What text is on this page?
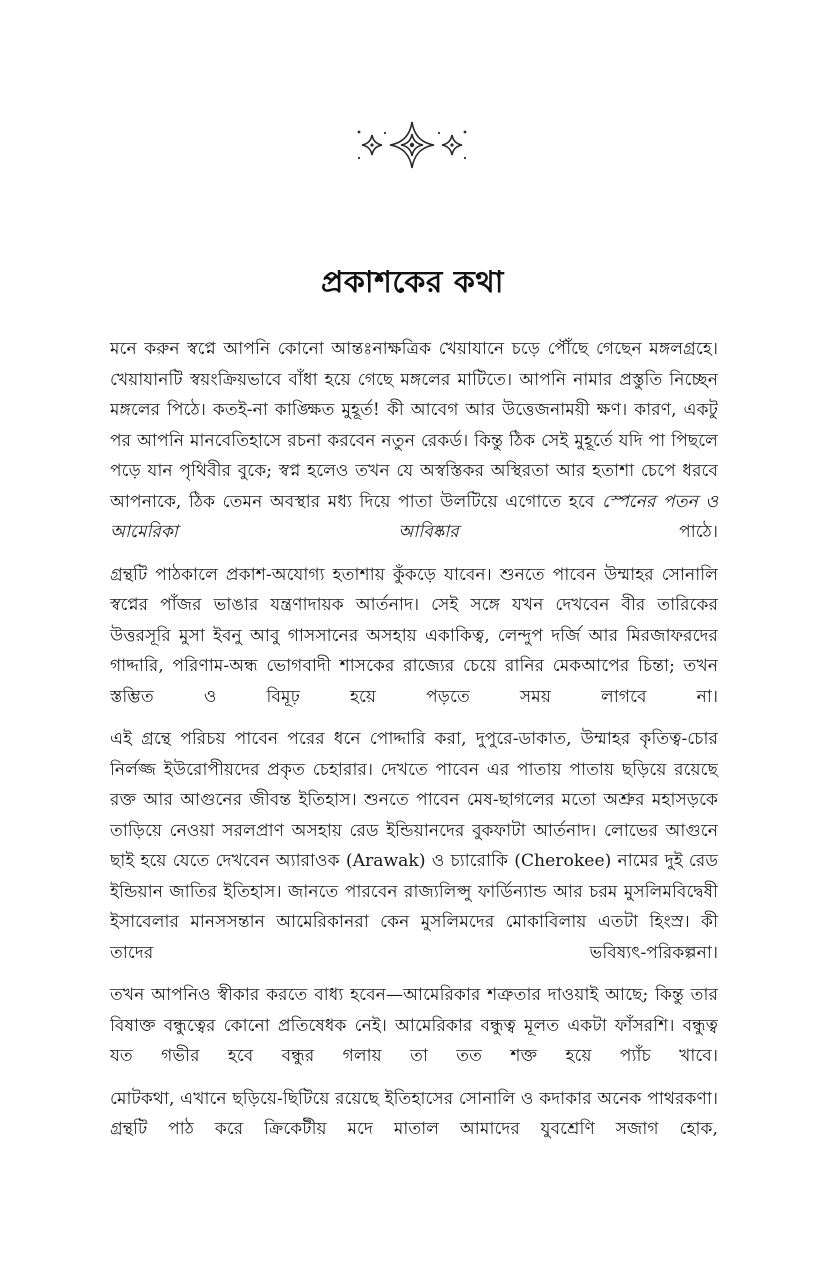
প্রকাশকের কথা

মনে করুন স্বপ্নে আপনি কোনো আন্তঃনাক্ষত্রিক খেয়াযানে চড়ে পৌঁছে গেছেন মঙ্গলগ্রহে। খেয়াযানটি স্বয়ংক্রিয়ভাবে বাঁধা হয়ে গেছে মঙ্গলের মাটিতে। আপনি নামার প্রস্তুতি নিচ্ছেন মঙ্গলের পিঠে। কতই-না কাঙ্ক্ষিত মুহূর্ত! কী আবেগ আর উত্তেজনাময়ী ক্ষণ। কারণ, একটু পর আপনি মানবেতিহাসে রচনা করবেন নতুন রেকর্ড। কিন্তু ঠিক সেই মুহূর্তে যদি পা পিছলে পড়ে যান পৃথিবীর বুকে; স্বপ্ন হলেও তখন যে অস্বস্তিকর অস্থিরতা আর হতাশা চেপে ধরবে আপনাকে, ঠিক তেমন অবস্থার মধ্য দিয়ে পাতা উলটিয়ে এগোতে হবে স্পেনের পতন ও আমেরিকা আবিষ্কার পাঠে।

গ্রন্থটি পাঠকালে প্রকাশ-অযোগ্য হতাশায় কুঁকড়ে যাবেন। শুনতে পাবেন উম্মাহর সোনালি স্বপ্নের পাঁজর ভাঙার যন্ত্রণাদায়ক আর্তনাদ। সেই সঙ্গে যখন দেখবেন বীর তারিকের উত্তরসূরি মুসা ইবনু আবু গাসসানের অসহায় একাকিত্ব, লেন্দুপ দর্জি আর মিরজাফরদের গাদ্দারি, পরিণাম-অন্ধ ভোগবাদী শাসকের রাজ্যের চেয়ে রানির মেকআপের চিন্তা; তখন স্তম্ভিত ও বিমূঢ় হয়ে পড়তে সময় লাগবে না।

এই গ্রন্থে পরিচয় পাবেন পরের ধনে পোদ্দারি করা, দুপুরে-ডাকাত, উম্মাহর কৃতিত্ব-চোর নির্লজ্জ ইউরোপীয়দের প্রকৃত চেহারার। দেখতে পাবেন এর পাতায় পাতায় ছড়িয়ে রয়েছে রক্ত আর আগুনের জীবন্ত ইতিহাস। শুনতে পাবেন মেষ-ছাগলের মতো অশ্রুর মহাসড়কে তাড়িয়ে নেওয়া সরলপ্রাণ অসহায় রেড ইন্ডিয়ানদের বুকফাটা আর্তনাদ। লোভের আগুনে ছাই হয়ে যেতে দেখবেন অ্যারাওক (Arawak) ও চ্যারোকি (Cherokee) নামের দুই রেড ইন্ডিয়ান জাতির ইতিহাস। জানতে পারবেন রাজ্যলিপ্সু ফার্ডিন্যান্ড আর চরম মুসলিমবিদ্বেষী ইসাবেলার মানসসন্তান আমেরিকানরা কেন মুসলিমদের মোকাবিলায় এতটা হিংস্র। কী তাদের ভবিষ্যৎ-পরিকল্পনা।

তখন আপনিও স্বীকার করতে বাধ্য হবেন—আমেরিকার শত্রুতার দাওয়াই আছে; কিন্তু তার বিষাক্ত বন্ধুত্বের কোনো প্রতিষেধক নেই। আমেরিকার বন্ধুত্ব মূলত একটা ফাঁসরশি। বন্ধুত্ব যত গভীর হবে বন্ধুর গলায় তা তত শক্ত হয়ে প্যাঁচ খাবে।

মোটকথা, এখানে ছড়িয়ে-ছিটিয়ে রয়েছে ইতিহাসের সোনালি ও কদাকার অনেক পাথরকণা। গ্রন্থটি পাঠ করে ক্রিকেটীয় মদে মাতাল আমাদের যুবশ্রেণি সজাগ হোক,
